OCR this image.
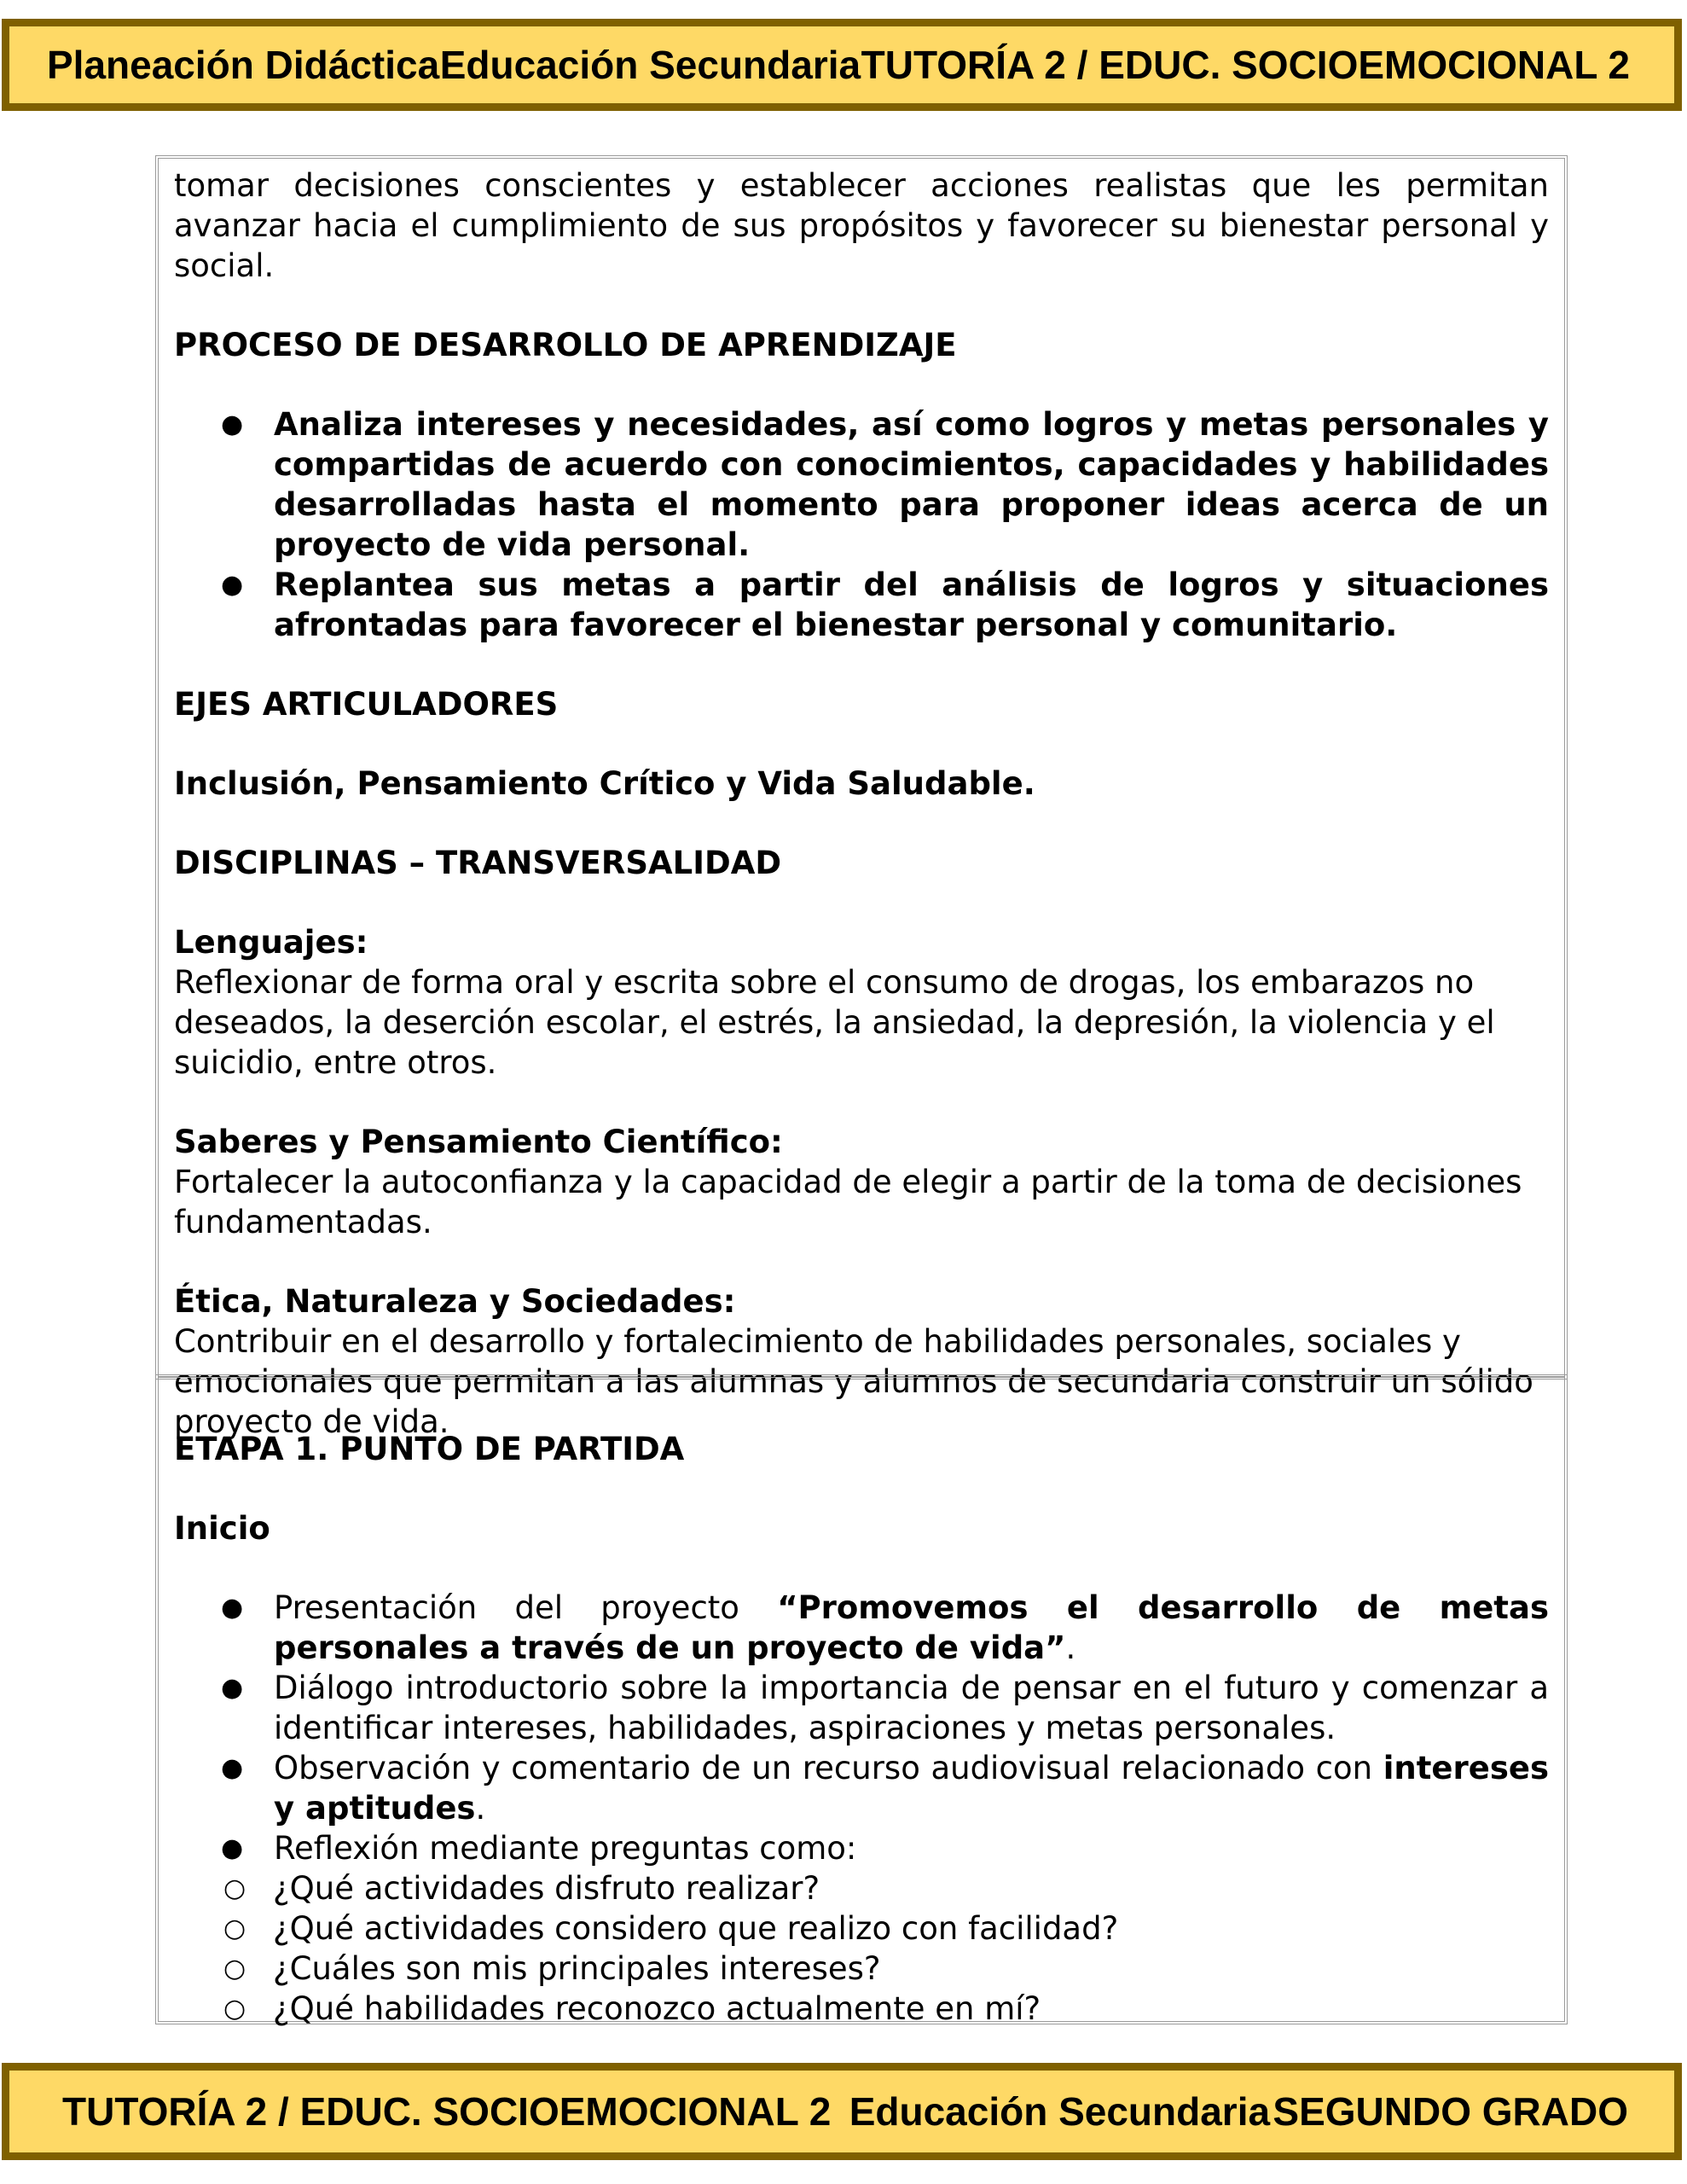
Planeación Didáctica Educación Secundaria TUTORÍA 2 / EDUC. SOCIOEMOCIONAL 2

tomar decisiones conscientes y establecer acciones realistas que les permitan avanzar hacia el cumplimiento de sus propósitos y favorecer su bienestar personal y social.

PROCESO DE DESARROLLO DE APRENDIZAJE

● Analiza intereses y necesidades, así como logros y metas personales y compartidas de acuerdo con conocimientos, capacidades y habilidades desarrolladas hasta el momento para proponer ideas acerca de un proyecto de vida personal.
● Replantea sus metas a partir del análisis de logros y situaciones afrontadas para favorecer el bienestar personal y comunitario.

EJES ARTICULADORES

Inclusión, Pensamiento Crítico y Vida Saludable.

DISCIPLINAS – TRANSVERSALIDAD

Lenguajes:

Reflexionar de forma oral y escrita sobre el consumo de drogas, los embarazos no deseados, la deserción escolar, el estrés, la ansiedad, la depresión, la violencia y el suicidio, entre otros.

Saberes y Pensamiento Científico:

Fortalecer la autoconfianza y la capacidad de elegir a partir de la toma de decisiones fundamentadas.

Ética, Naturaleza y Sociedades:

Contribuir en el desarrollo y fortalecimiento de habilidades personales, sociales y emocionales que permitan a las alumnas y alumnos de secundaria construir un sólido proyecto de vida.

ETAPA 1. PUNTO DE PARTIDA

Inicio

● Presentación del proyecto “Promovemos el desarrollo de metas personales a través de un proyecto de vida”.
● Diálogo introductorio sobre la importancia de pensar en el futuro y comenzar a identificar intereses, habilidades, aspiraciones y metas personales.
● Observación y comentario de un recurso audiovisual relacionado con intereses y aptitudes.
● Reflexión mediante preguntas como:
○ ¿Qué actividades disfruto realizar?
○ ¿Qué actividades considero que realizo con facilidad?
○ ¿Cuáles son mis principales intereses?
○ ¿Qué habilidades reconozco actualmente en mí?
TUTORÍA 2 / EDUC. SOCIOEMOCIONAL 2 Educación Secundaria SEGUNDO GRADO
